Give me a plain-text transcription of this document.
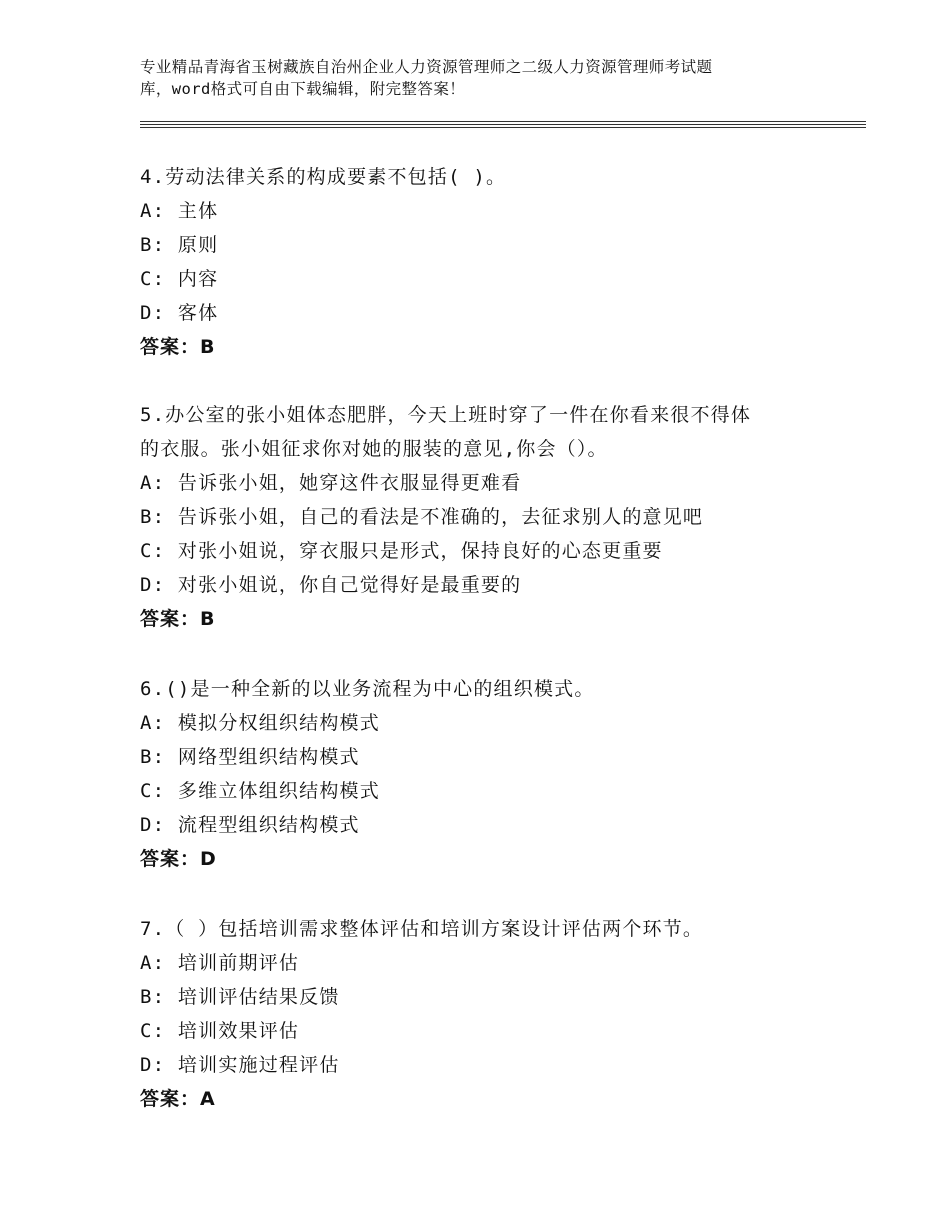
专业精品青海省玉树藏族自治州企业人力资源管理师之二级人力资源管理师考试题
库，word格式可自由下载编辑，附完整答案！
4.劳动法律关系的构成要素不包括( )。
A: 主体
B: 原则
C: 内容
D: 客体
答案：B
5.办公室的张小姐体态肥胖，今天上班时穿了一件在你看来很不得体
的衣服。张小姐征求你对她的服装的意见,你会（）。
A: 告诉张小姐，她穿这件衣服显得更难看
B: 告诉张小姐，自己的看法是不准确的，去征求别人的意见吧
C: 对张小姐说，穿衣服只是形式，保持良好的心态更重要
D: 对张小姐说，你自己觉得好是最重要的
答案：B
6.()是一种全新的以业务流程为中心的组织模式。
A: 模拟分权组织结构模式
B: 网络型组织结构模式
C: 多维立体组织结构模式
D: 流程型组织结构模式
答案：D
7.（ ）包括培训需求整体评估和培训方案设计评估两个环节。
A: 培训前期评估
B: 培训评估结果反馈
C: 培训效果评估
D: 培训实施过程评估
答案：A
